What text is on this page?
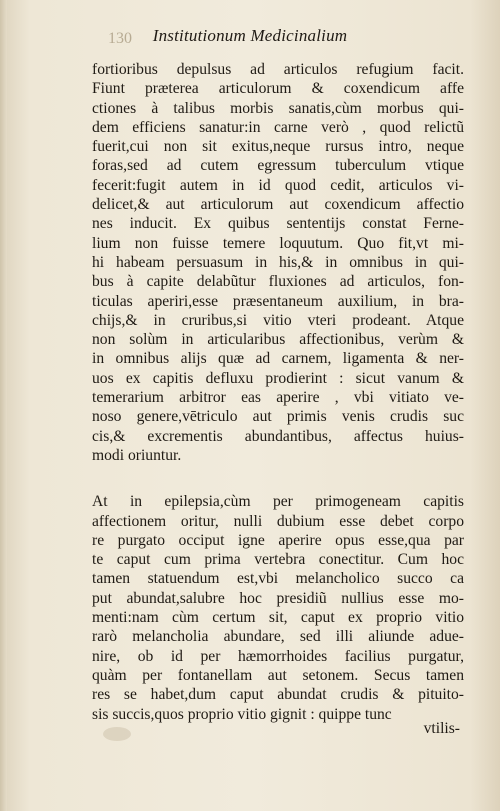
130	Institutionum Medicinalium
fortioribus depulsus ad articulos refugium facit.
Fiunt præterea articulorum & coxendicum affe
ctiones à talibus morbis sanatis,cùm morbus qui-
dem efficiens sanatur:in carne verò , quod relictũ
fuerit,cui non sit exitus,neque rursus intro, neque
foras,sed ad cutem egressum tuberculum vtique
fecerit:fugit autem in id quod cedit, articulos vi-
delicet,& aut articulorum aut coxendicum affectio
nes inducit. Ex quibus sententijs constat Ferne-
lium non fuisse temere loquutum. Quo fit,vt mi-
hi habeam persuasum in his,& in omnibus in qui-
bus à capite delabũtur fluxiones ad articulos, fon-
ticulas aperiri,esse præsentaneum auxilium, in bra-
chijs,& in cruribus,si vitio vteri prodeant. Atque
non solùm in articularibus affectionibus, verùm &
in omnibus alijs quæ ad carnem, ligamenta & ner-
uos ex capitis defluxu prodierint : sicut vanum &
temerarium arbitror eas aperire , vbi vitiato ve-
noso genere,vētriculo aut primis venis crudis suc
cis,& excrementis abundantibus, affectus huius-
modi oriuntur.
At in epilepsia,cùm per primogeneam capitis
affectionem oritur, nulli dubium esse debet corpo
re purgato occiput igne aperire opus esse,qua par
te caput cum prima vertebra conectitur. Cum hoc
tamen statuendum est,vbi melancholico succo ca
put abundat,salubre hoc presidiũ nullius esse mo-
menti:nam cùm certum sit, caput ex proprio vitio
rarò melancholia abundare, sed illi aliunde adue-
nire, ob id per hæmorrhoides facilius purgatur,
quàm per fontanellam aut setonem. Secus tamen
res se habet,dum caput abundat crudis & pituito-
sis succis,quos proprio vitio gignit : quippe tunc
vtilis-
